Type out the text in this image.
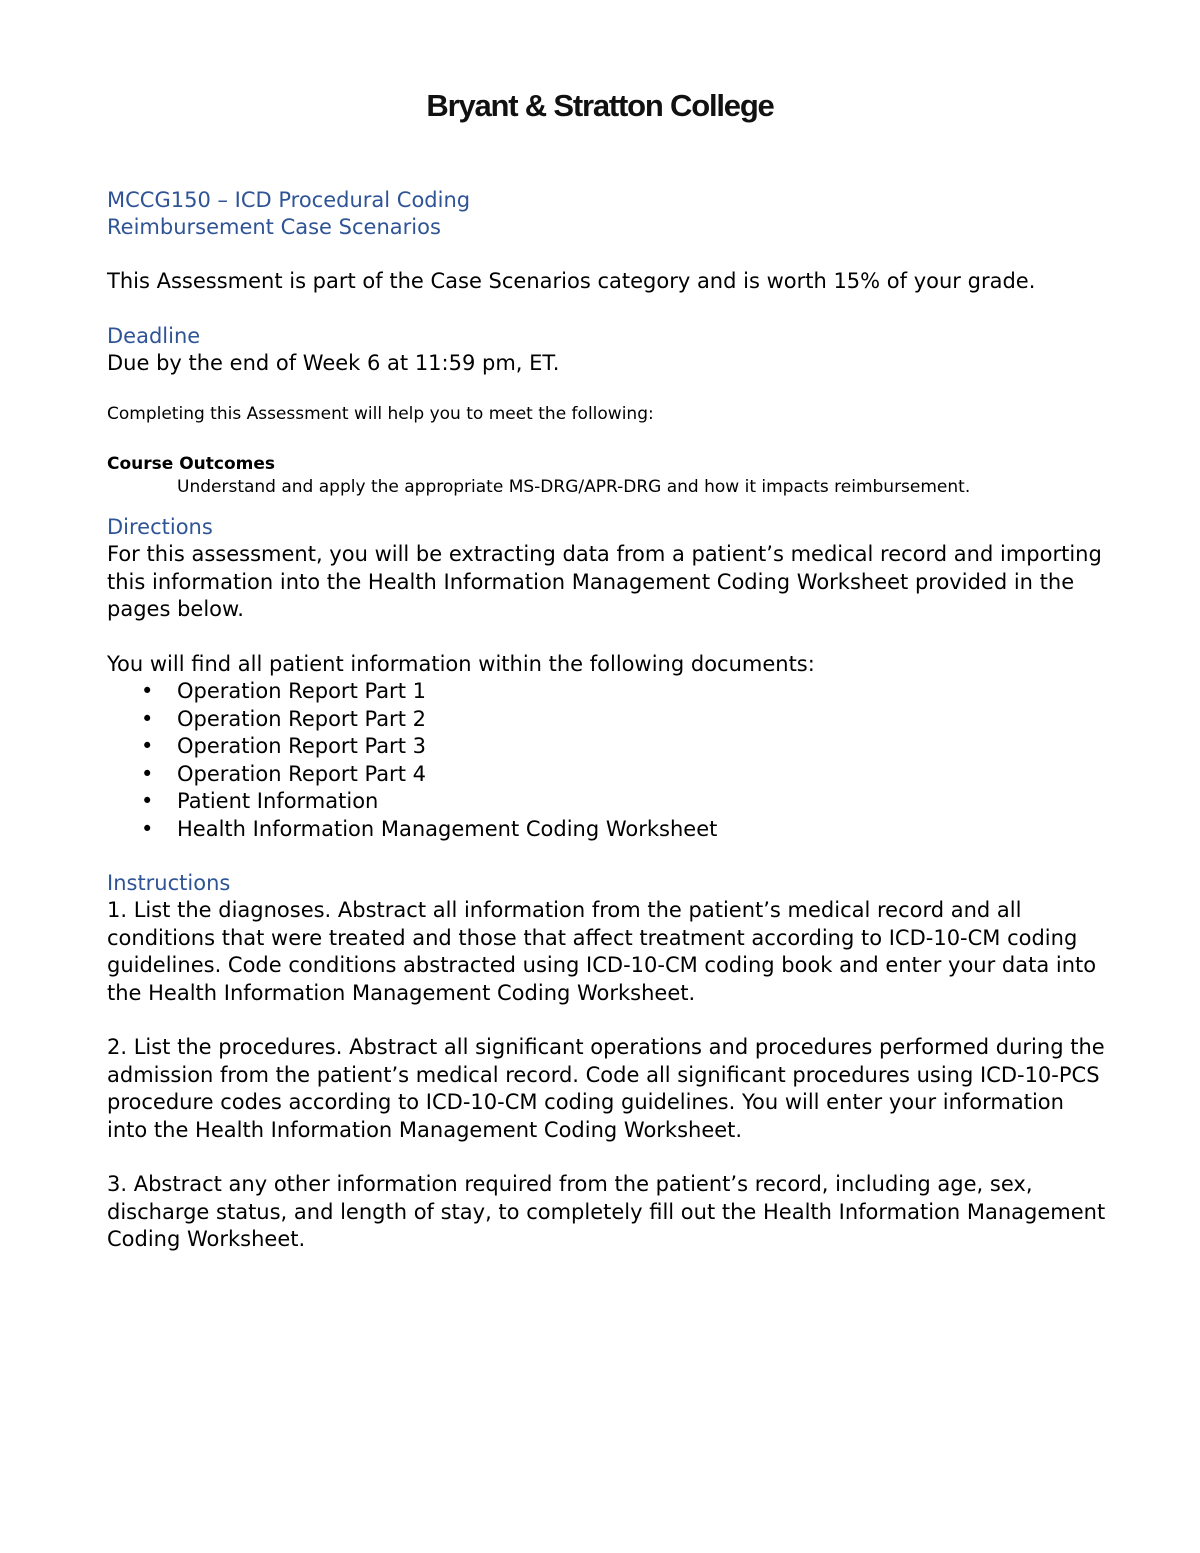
Bryant & Stratton College

MCCG150 – ICD Procedural Coding

Reimbursement Case Scenarios

This Assessment is part of the Case Scenarios category and is worth 15% of your grade.

Deadline

Due by the end of Week 6 at 11:59 pm, ET.

Completing this Assessment will help you to meet the following:

Course Outcomes

Understand and apply the appropriate MS-DRG/APR-DRG and how it impacts reimbursement.

Directions

For this assessment, you will be extracting data from a patient’s medical record and importing this information into the Health Information Management Coding Worksheet provided in the pages below.

You will find all patient information within the following documents:

• Operation Report Part 1
• Operation Report Part 2
• Operation Report Part 3
• Operation Report Part 4
• Patient Information
• Health Information Management Coding Worksheet

Instructions

1. List the diagnoses. Abstract all information from the patient’s medical record and all conditions that were treated and those that affect treatment according to ICD-10-CM coding guidelines. Code conditions abstracted using ICD-10-CM coding book and enter your data into the Health Information Management Coding Worksheet.

2. List the procedures. Abstract all significant operations and procedures performed during the admission from the patient’s medical record. Code all significant procedures using ICD-10-PCS procedure codes according to ICD-10-CM coding guidelines. You will enter your information into the Health Information Management Coding Worksheet.

3. Abstract any other information required from the patient’s record, including age, sex, discharge status, and length of stay, to completely fill out the Health Information Management Coding Worksheet.
